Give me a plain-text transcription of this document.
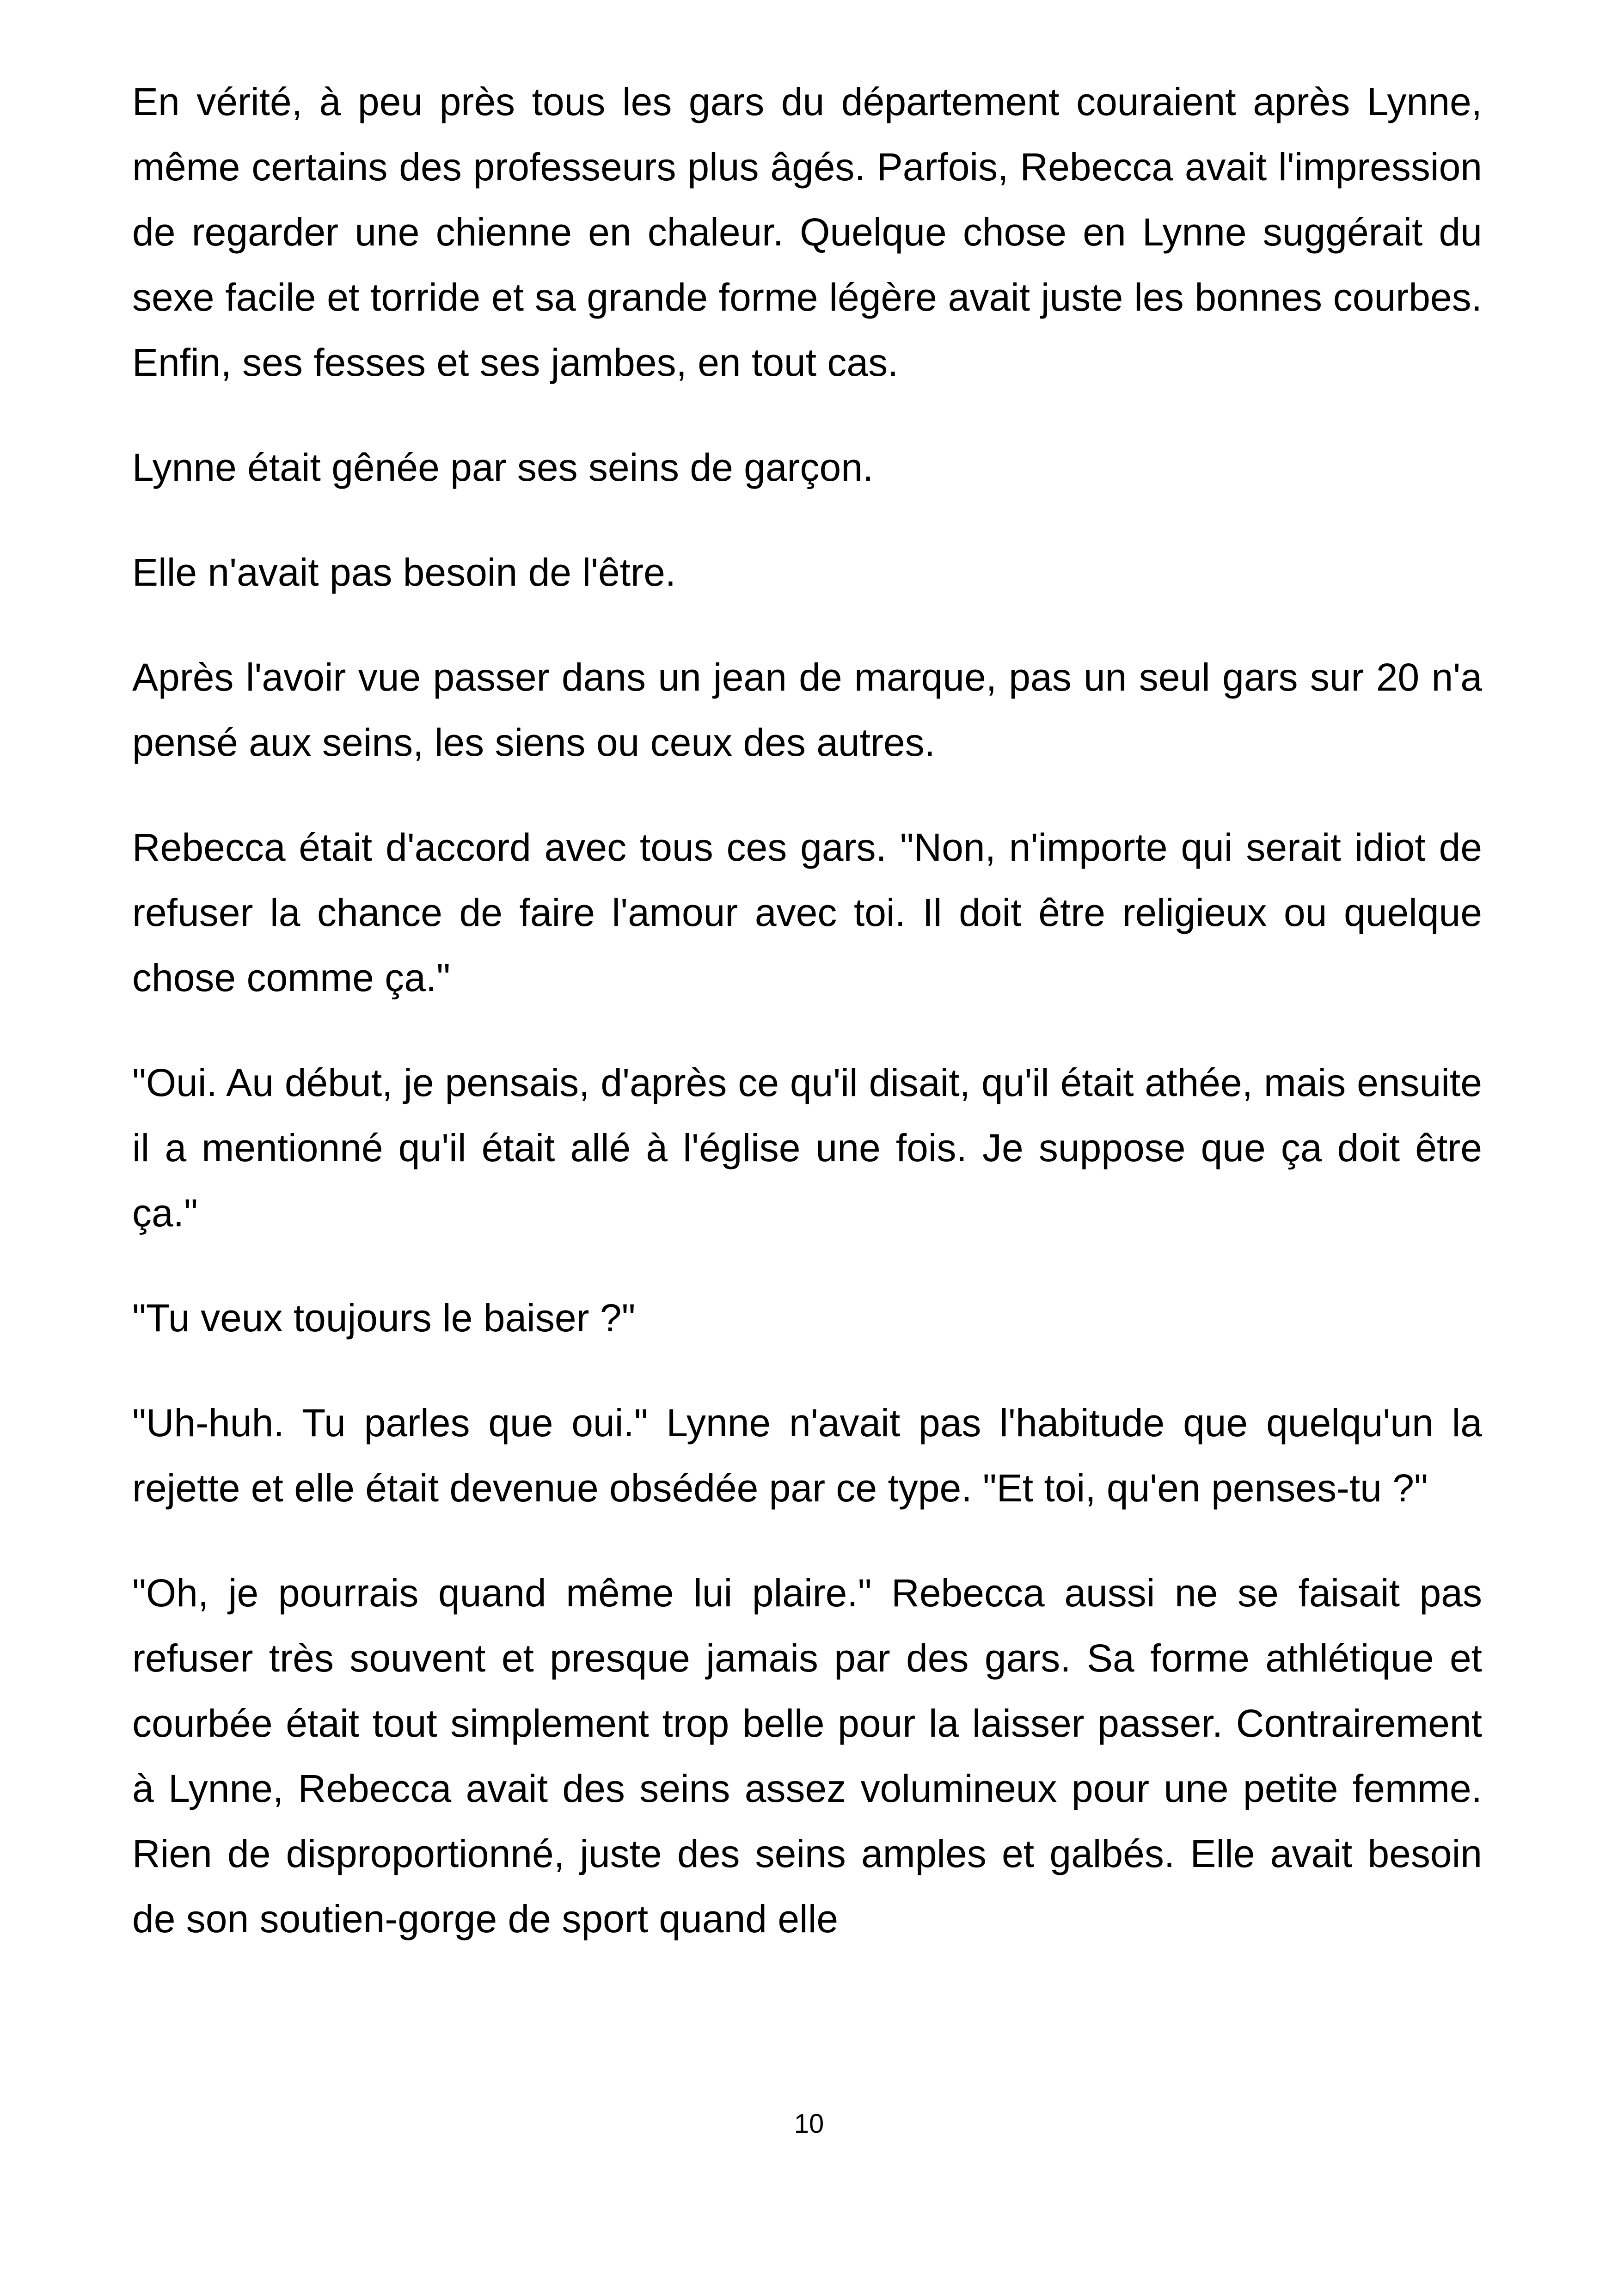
En vérité, à peu près tous les gars du département couraient après Lynne, même certains des professeurs plus âgés. Parfois, Rebecca avait l'impression de regarder une chienne en chaleur. Quelque chose en Lynne suggérait du sexe facile et torride et sa grande forme légère avait juste les bonnes courbes. Enfin, ses fesses et ses jambes, en tout cas.

Lynne était gênée par ses seins de garçon.

Elle n'avait pas besoin de l'être.

Après l'avoir vue passer dans un jean de marque, pas un seul gars sur 20 n'a pensé aux seins, les siens ou ceux des autres.

Rebecca était d'accord avec tous ces gars. "Non, n'importe qui serait idiot de refuser la chance de faire l'amour avec toi. Il doit être religieux ou quelque chose comme ça."

"Oui. Au début, je pensais, d'après ce qu'il disait, qu'il était athée, mais ensuite il a mentionné qu'il était allé à l'église une fois. Je suppose que ça doit être ça."

"Tu veux toujours le baiser ?"

"Uh-huh. Tu parles que oui." Lynne n'avait pas l'habitude que quelqu'un la rejette et elle était devenue obsédée par ce type. "Et toi, qu'en penses-tu ?"

"Oh, je pourrais quand même lui plaire." Rebecca aussi ne se faisait pas refuser très souvent et presque jamais par des gars. Sa forme athlétique et courbée était tout simplement trop belle pour la laisser passer. Contrairement à Lynne, Rebecca avait des seins assez volumineux pour une petite femme. Rien de disproportionné, juste des seins amples et galbés. Elle avait besoin de son soutien-gorge de sport quand elle

10
